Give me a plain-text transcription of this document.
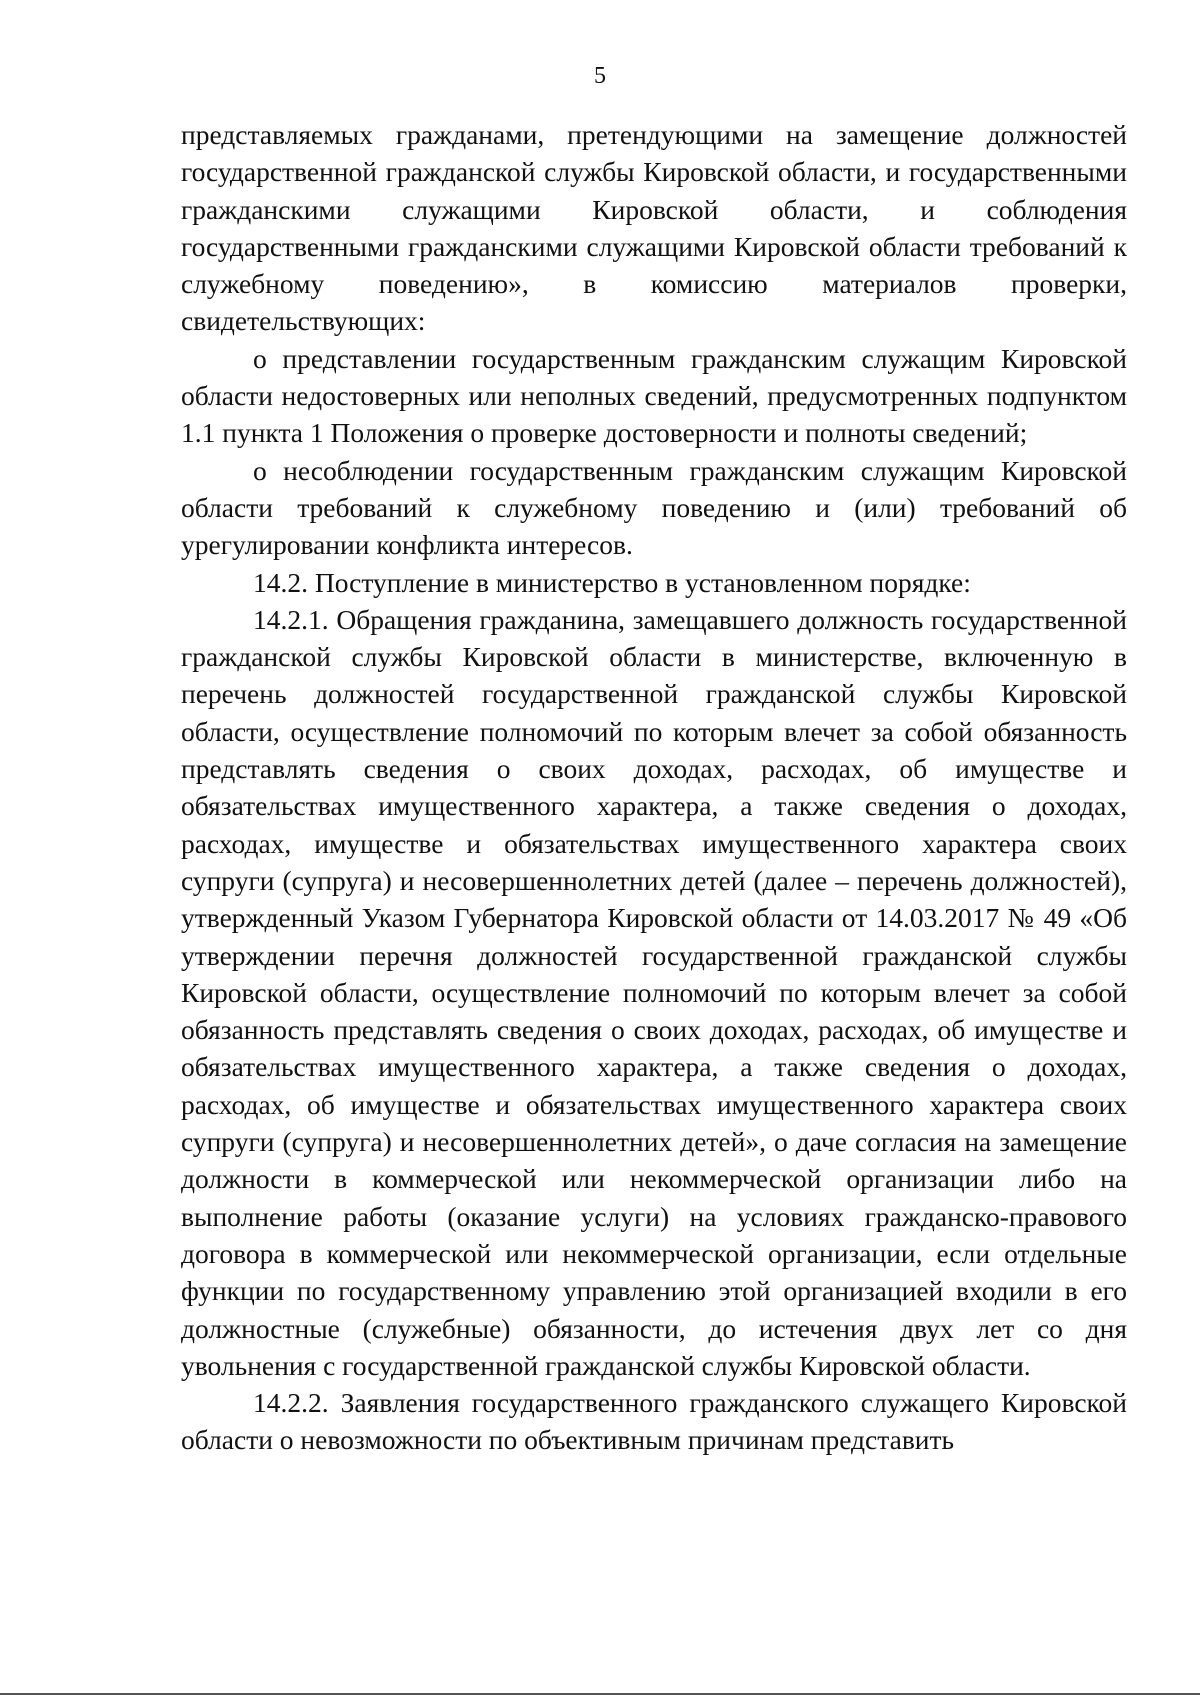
5

представляемых гражданами, претендующими на замещение должностей государственной гражданской службы Кировской области, и государственными гражданскими служащими Кировской области, и соблюдения государственными гражданскими служащими Кировской области требований к служебному поведению», в комиссию материалов проверки, свидетельствующих:

о представлении государственным гражданским служащим Кировской области недостоверных или неполных сведений, предусмотренных подпунктом 1.1 пункта 1 Положения о проверке достоверности и полноты сведений;

о несоблюдении государственным гражданским служащим Кировской области требований к служебному поведению и (или) требований об урегулировании конфликта интересов.

14.2. Поступление в министерство в установленном порядке:

14.2.1. Обращения гражданина, замещавшего должность государственной гражданской службы Кировской области в министерстве, включенную в перечень должностей государственной гражданской службы Кировской области, осуществление полномочий по которым влечет за собой обязанность представлять сведения о своих доходах, расходах, об имуществе и обязательствах имущественного характера, а также сведения о доходах, расходах, имуществе и обязательствах имущественного характера своих супруги (супруга) и несовершеннолетних детей (далее – перечень должностей), утвержденный Указом Губернатора Кировской области от 14.03.2017 № 49 «Об утверждении перечня должностей государственной гражданской службы Кировской области, осуществление полномочий по которым влечет за собой обязанность представлять сведения о своих доходах, расходах, об имуществе и обязательствах имущественного характера, а также сведения о доходах, расходах, об имуществе и обязательствах имущественного характера своих супруги (супруга) и несовершеннолетних детей», о даче согласия на замещение должности в коммерческой или некоммерческой организации либо на выполнение работы (оказание услуги) на условиях гражданско-правового договора в коммерческой или некоммерческой организации, если отдельные функции по государственному управлению этой организацией входили в его должностные (служебные) обязанности, до истечения двух лет со дня увольнения с государственной гражданской службы Кировской области.

14.2.2. Заявления государственного гражданского служащего Кировской области о невозможности по объективным причинам представить
